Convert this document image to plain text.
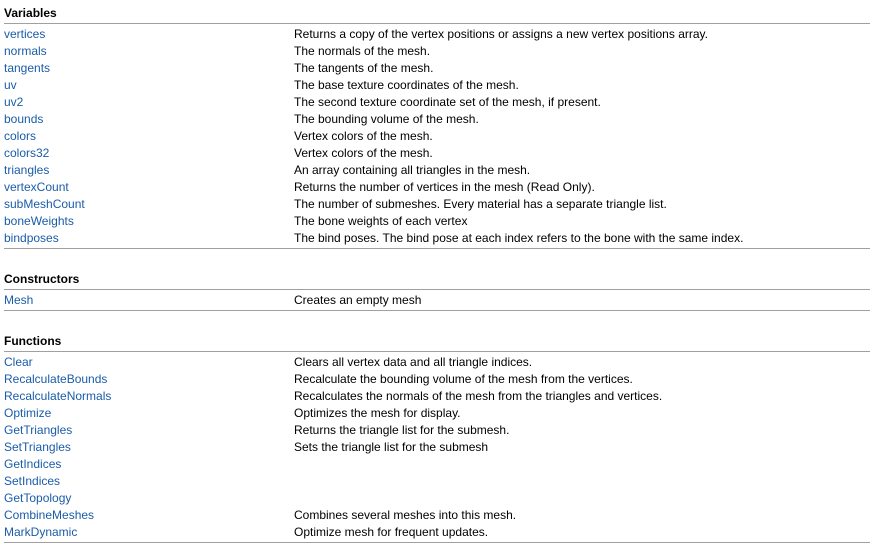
Variables
vertices	Returns a copy of the vertex positions or assigns a new vertex positions array.
normals	The normals of the mesh.
tangents	The tangents of the mesh.
uv	The base texture coordinates of the mesh.
uv2	The second texture coordinate set of the mesh, if present.
bounds	The bounding volume of the mesh.
colors	Vertex colors of the mesh.
colors32	Vertex colors of the mesh.
triangles	An array containing all triangles in the mesh.
vertexCount	Returns the number of vertices in the mesh (Read Only).
subMeshCount	The number of submeshes. Every material has a separate triangle list.
boneWeights	The bone weights of each vertex
bindposes	The bind poses. The bind pose at each index refers to the bone with the same index.
Constructors
Mesh	Creates an empty mesh
Functions
Clear	Clears all vertex data and all triangle indices.
RecalculateBounds	Recalculate the bounding volume of the mesh from the vertices.
RecalculateNormals	Recalculates the normals of the mesh from the triangles and vertices.
Optimize	Optimizes the mesh for display.
GetTriangles	Returns the triangle list for the submesh.
SetTriangles	Sets the triangle list for the submesh
GetIndices
SetIndices
GetTopology
CombineMeshes	Combines several meshes into this mesh.
MarkDynamic	Optimize mesh for frequent updates.
